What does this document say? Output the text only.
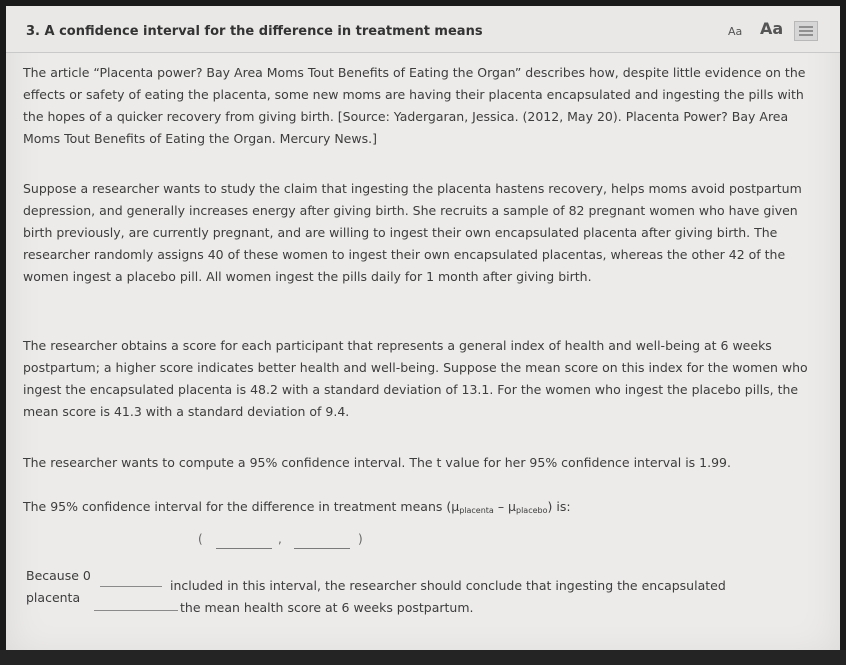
3. A confidence interval for the difference in treatment means	Aa Aa
The article “Placenta power? Bay Area Moms Tout Benefits of Eating the Organ” describes how, despite little evidence on the effects or safety of eating the placenta, some new moms are having their placenta encapsulated and ingesting the pills with the hopes of a quicker recovery from giving birth. [Source: Yadergaran, Jessica. (2012, May 20). Placenta Power? Bay Area Moms Tout Benefits of Eating the Organ. Mercury News.]
Suppose a researcher wants to study the claim that ingesting the placenta hastens recovery, helps moms avoid postpartum depression, and generally increases energy after giving birth. She recruits a sample of 82 pregnant women who have given birth previously, are currently pregnant, and are willing to ingest their own encapsulated placenta after giving birth. The researcher randomly assigns 40 of these women to ingest their own encapsulated placentas, whereas the other 42 of the women ingest a placebo pill. All women ingest the pills daily for 1 month after giving birth.
The researcher obtains a score for each participant that represents a general index of health and well-being at 6 weeks postpartum; a higher score indicates better health and well-being. Suppose the mean score on this index for the women who ingest the encapsulated placenta is 48.2 with a standard deviation of 13.1. For the women who ingest the placebo pills, the mean score is 41.3 with a standard deviation of 9.4.
The researcher wants to compute a 95% confidence interval. The t value for her 95% confidence interval is 1.99.
The 95% confidence interval for the difference in treatment means (μplacenta – μplacebo) is:
(	,	)
Because 0
included in this interval, the researcher should conclude that ingesting the encapsulated
placenta
the mean health score at 6 weeks postpartum.
